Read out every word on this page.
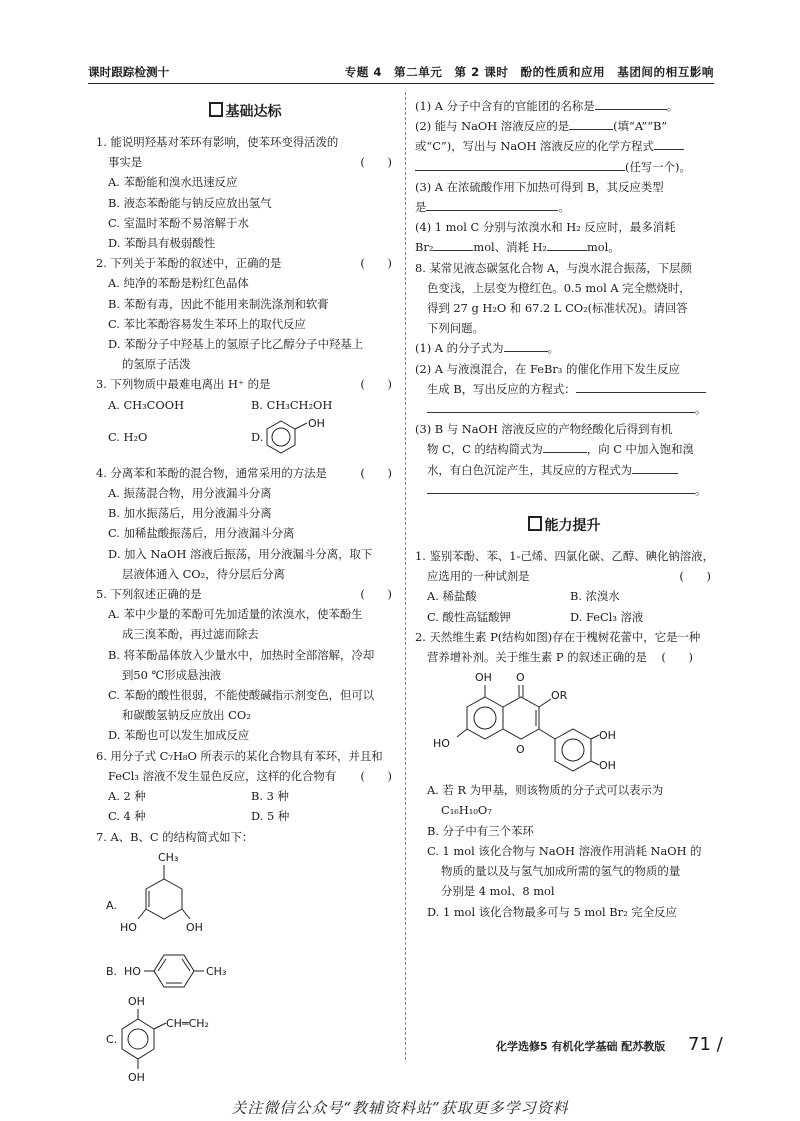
课时跟踪检测十	专题 4　第二单元　第 2 课时　酚的性质和应用　基团间的相互影响
基础达标
1. 能说明羟基对苯环有影响，使苯环变得活泼的
事实是	(　　)
A. 苯酚能和溴水迅速反应
B. 液态苯酚能与钠反应放出氢气
C. 室温时苯酚不易溶解于水
D. 苯酚具有极弱酸性
2. 下列关于苯酚的叙述中，正确的是	(　　)
A. 纯净的苯酚是粉红色晶体
B. 苯酚有毒，因此不能用来制洗涤剂和软膏
C. 苯比苯酚容易发生苯环上的取代反应
D. 苯酚分子中羟基上的氢原子比乙醇分子中羟基上
的氢原子活泼
3. 下列物质中最难电离出 H⁺ 的是	(　　)
A. CH₃COOH	B. CH₃CH₂OH
C. H₂O	D.
OH
4. 分离苯和苯酚的混合物，通常采用的方法是	(　　)
A. 振荡混合物，用分液漏斗分离
B. 加水振荡后，用分液漏斗分离
C. 加稀盐酸振荡后，用分液漏斗分离
D. 加入 NaOH 溶液后振荡，用分液漏斗分离，取下
层液体通入 CO₂，待分层后分离
5. 下列叙述正确的是	(　　)
A. 苯中少量的苯酚可先加适量的浓溴水，使苯酚生
成三溴苯酚，再过滤而除去
B. 将苯酚晶体放入少量水中，加热时全部溶解，冷却
到50 ℃形成悬浊液
C. 苯酚的酸性很弱，不能使酸碱指示剂变色，但可以
和碳酸氢钠反应放出 CO₂
D. 苯酚也可以发生加成反应
6. 用分子式 C₇H₈O 所表示的某化合物具有苯环，并且和
FeCl₃ 溶液不发生显色反应，这样的化合物有 (　　)
A. 2 种	B. 3 种
C. 4 种	D. 5 种
7. A、B、C 的结构简式如下：
A.
CH₃
HO	OH
B. HO	CH₃
C.
OH
CH═CH₂
OH
(1) A 分子中含有的官能团的名称是	。
(2) 能与 NaOH 溶液反应的是	(填“A”“B”
或“C”)，写出与 NaOH 溶液反应的化学方程式
(任写一个)。
(3) A 在浓硫酸作用下加热可得到 B，其反应类型
是	。
(4) 1 mol C 分别与浓溴水和 H₂ 反应时，最多消耗
Br₂	mol、消耗 H₂	mol。
8. 某常见液态碳氢化合物 A，与溴水混合振荡，下层颜
色变浅，上层变为橙红色。0.5 mol A 完全燃烧时，
得到 27 g H₂O 和 67.2 L CO₂(标准状况)。请回答
下列问题。
(1) A 的分子式为	。
(2) A 与液溴混合，在 FeBr₃ 的催化作用下发生反应
生成 B，写出反应的方程式：
。
(3) B 与 NaOH 溶液反应的产物经酸化后得到有机
物 C，C 的结构简式为	，向 C 中加入饱和溴
水，有白色沉淀产生，其反应的方程式为
。
能力提升
1. 鉴别苯酚、苯、1-己烯、四氯化碳、乙醇、碘化钠溶液，
应选用的一种试剂是	(　　)
A. 稀盐酸	B. 浓溴水
C. 酸性高锰酸钾	D. FeCl₃ 溶液
2. 天然维生素 P(结构如图)存在于槐树花蕾中，它是一种
营养增补剂。关于维生素 P 的叙述正确的是 (　　)
O
OH
OR
HO	O
OH
OH
A. 若 R 为甲基，则该物质的分子式可以表示为
C₁₆H₁₀O₇
B. 分子中有三个苯环
C. 1 mol 该化合物与 NaOH 溶液作用消耗 NaOH 的
物质的量以及与氢气加成所需的氢气的物质的量
分别是 4 mol、8 mol
D. 1 mol 该化合物最多可与 5 mol Br₂ 完全反应
化学选修5 有机化学基础 配苏教版 71 /
关注微信公众号“教辅资料站”获取更多学习资料
